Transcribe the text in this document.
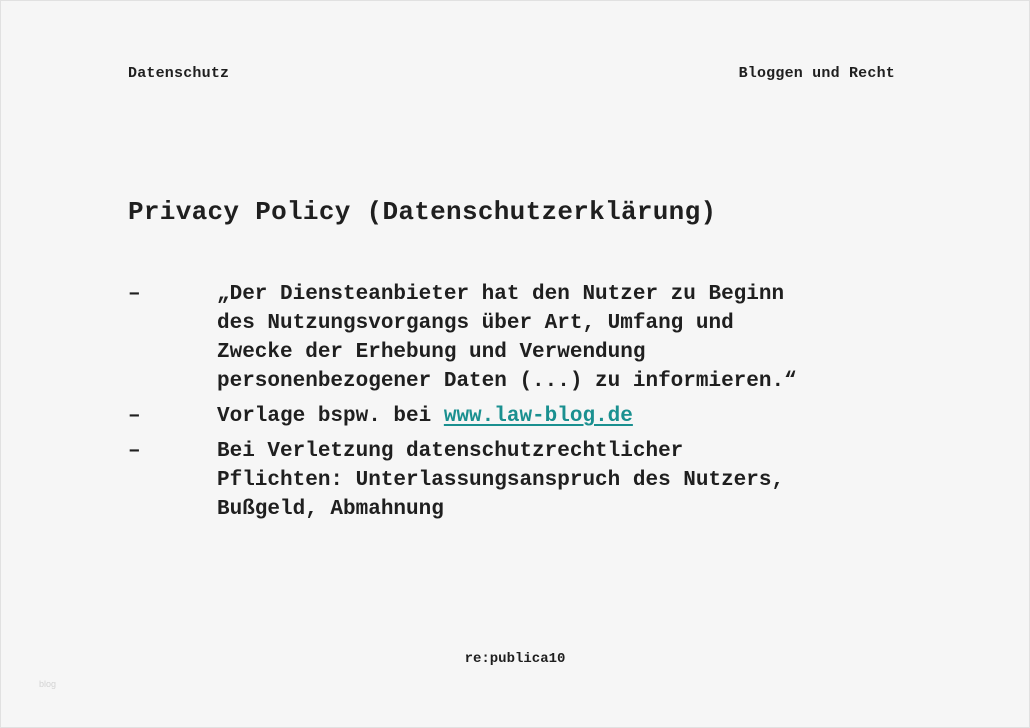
Datenschutz	Bloggen und Recht
Privacy Policy (Datenschutzerklärung)
–	„Der Diensteanbieter hat den Nutzer zu Beginn
des Nutzungsvorgangs über Art, Umfang und
Zwecke der Erhebung und Verwendung
personenbezogener Daten (...) zu informieren.“
–	Vorlage bspw. bei www.law-blog.de
–	Bei Verletzung datenschutzrechtlicher
Pflichten: Unterlassungsanspruch des Nutzers,
Bußgeld, Abmahnung
re:publica10
blog
